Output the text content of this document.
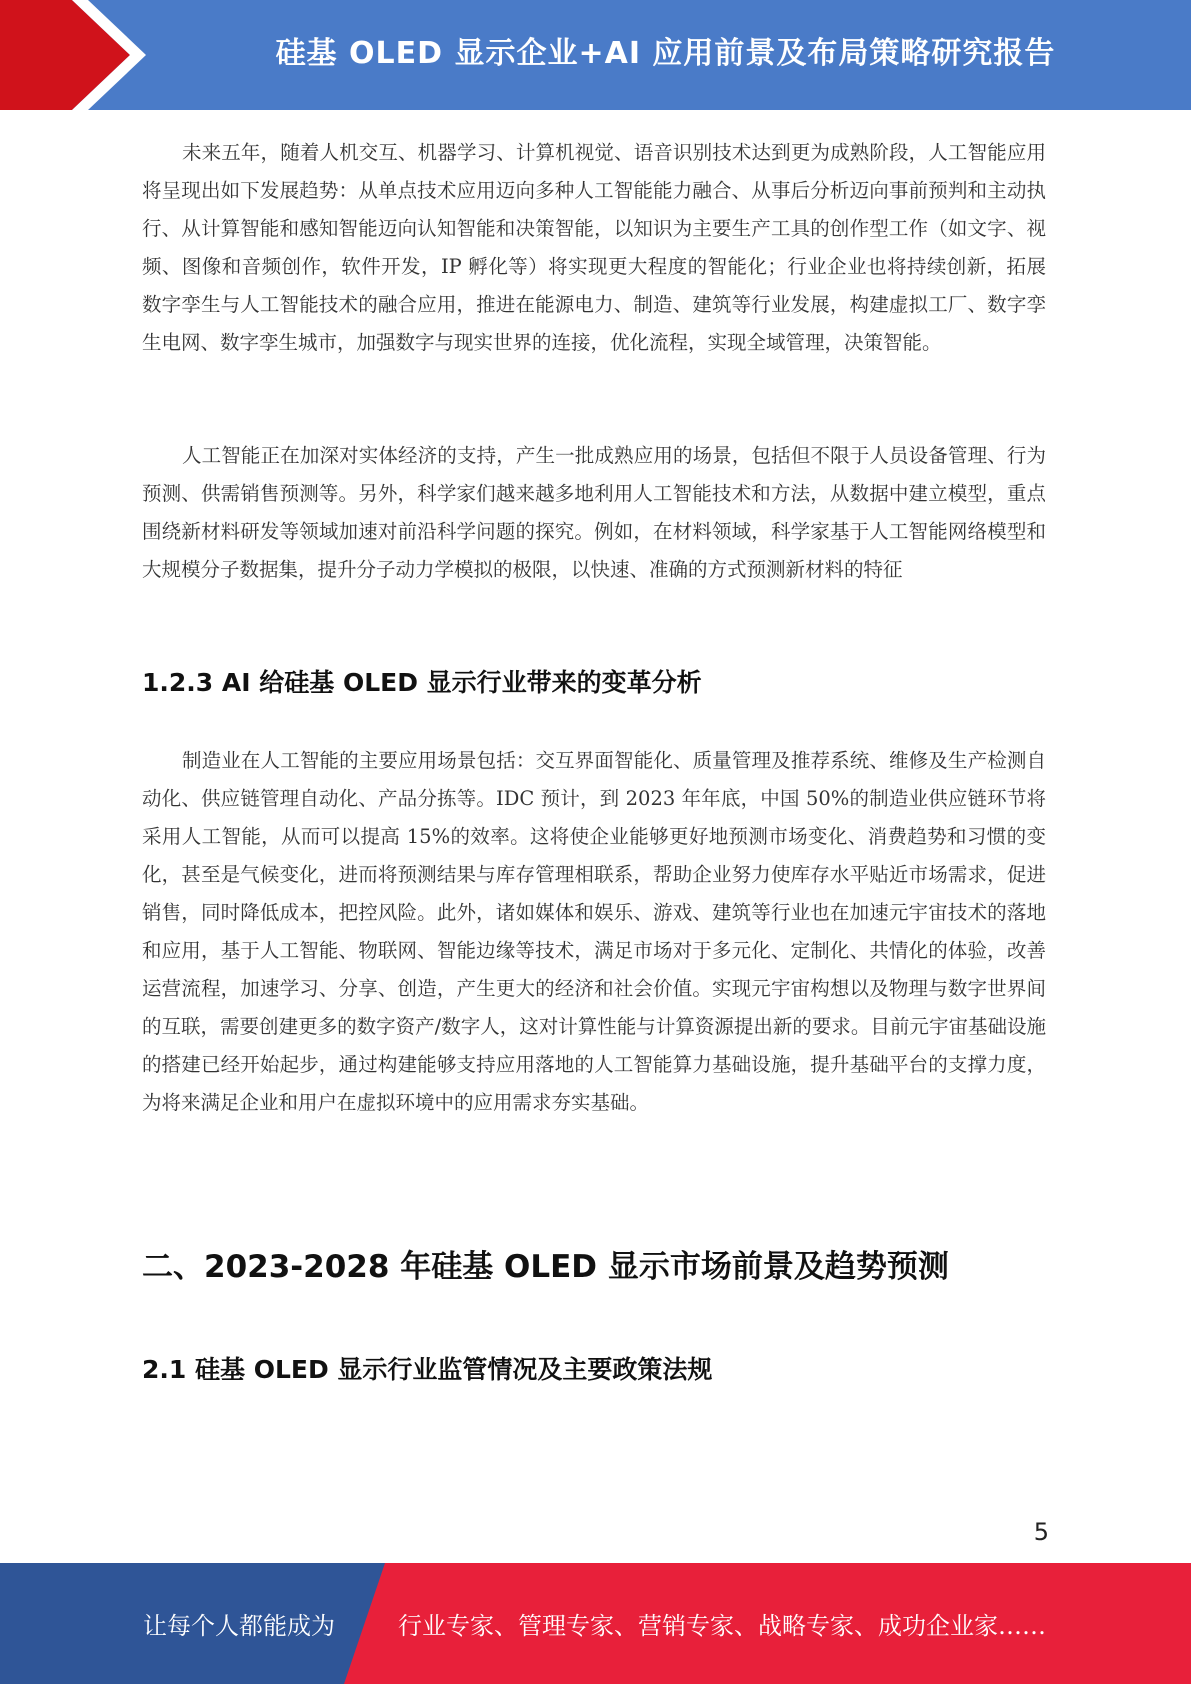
硅基 OLED 显示企业+AI 应用前景及布局策略研究报告

未来五年，随着人机交互、机器学习、计算机视觉、语音识别技术达到更为成熟阶段，人工智能应用将呈现出如下发展趋势：从单点技术应用迈向多种人工智能能力融合、从事后分析迈向事前预判和主动执行、从计算智能和感知智能迈向认知智能和决策智能，以知识为主要生产工具的创作型工作（如文字、视频、图像和音频创作，软件开发，IP 孵化等）将实现更大程度的智能化；行业企业也将持续创新，拓展数字孪生与人工智能技术的融合应用，推进在能源电力、制造、建筑等行业发展，构建虚拟工厂、数字孪生电网、数字孪生城市，加强数字与现实世界的连接，优化流程，实现全域管理，决策智能。

人工智能正在加深对实体经济的支持，产生一批成熟应用的场景，包括但不限于人员设备管理、行为预测、供需销售预测等。另外，科学家们越来越多地利用人工智能技术和方法，从数据中建立模型，重点围绕新材料研发等领域加速对前沿科学问题的探究。例如，在材料领域，科学家基于人工智能网络模型和大规模分子数据集，提升分子动力学模拟的极限，以快速、准确的方式预测新材料的特征

1.2.3 AI 给硅基 OLED 显示行业带来的变革分析

制造业在人工智能的主要应用场景包括：交互界面智能化、质量管理及推荐系统、维修及生产检测自动化、供应链管理自动化、产品分拣等。IDC 预计，到 2023 年年底，中国 50%的制造业供应链环节将采用人工智能，从而可以提高 15%的效率。这将使企业能够更好地预测市场变化、消费趋势和习惯的变化，甚至是气候变化，进而将预测结果与库存管理相联系，帮助企业努力使库存水平贴近市场需求，促进销售，同时降低成本，把控风险。此外，诸如媒体和娱乐、游戏、建筑等行业也在加速元宇宙技术的落地和应用，基于人工智能、物联网、智能边缘等技术，满足市场对于多元化、定制化、共情化的体验，改善运营流程，加速学习、分享、创造，产生更大的经济和社会价值。实现元宇宙构想以及物理与数字世界间的互联，需要创建更多的数字资产/数字人，这对计算性能与计算资源提出新的要求。目前元宇宙基础设施的搭建已经开始起步，通过构建能够支持应用落地的人工智能算力基础设施，提升基础平台的支撑力度，为将来满足企业和用户在虚拟环境中的应用需求夯实基础。

二、2023-2028 年硅基 OLED 显示市场前景及趋势预测
2.1 硅基 OLED 显示行业监管情况及主要政策法规
5
让每个人都能成为	行业专家、管理专家、营销专家、战略专家、成功企业家……
